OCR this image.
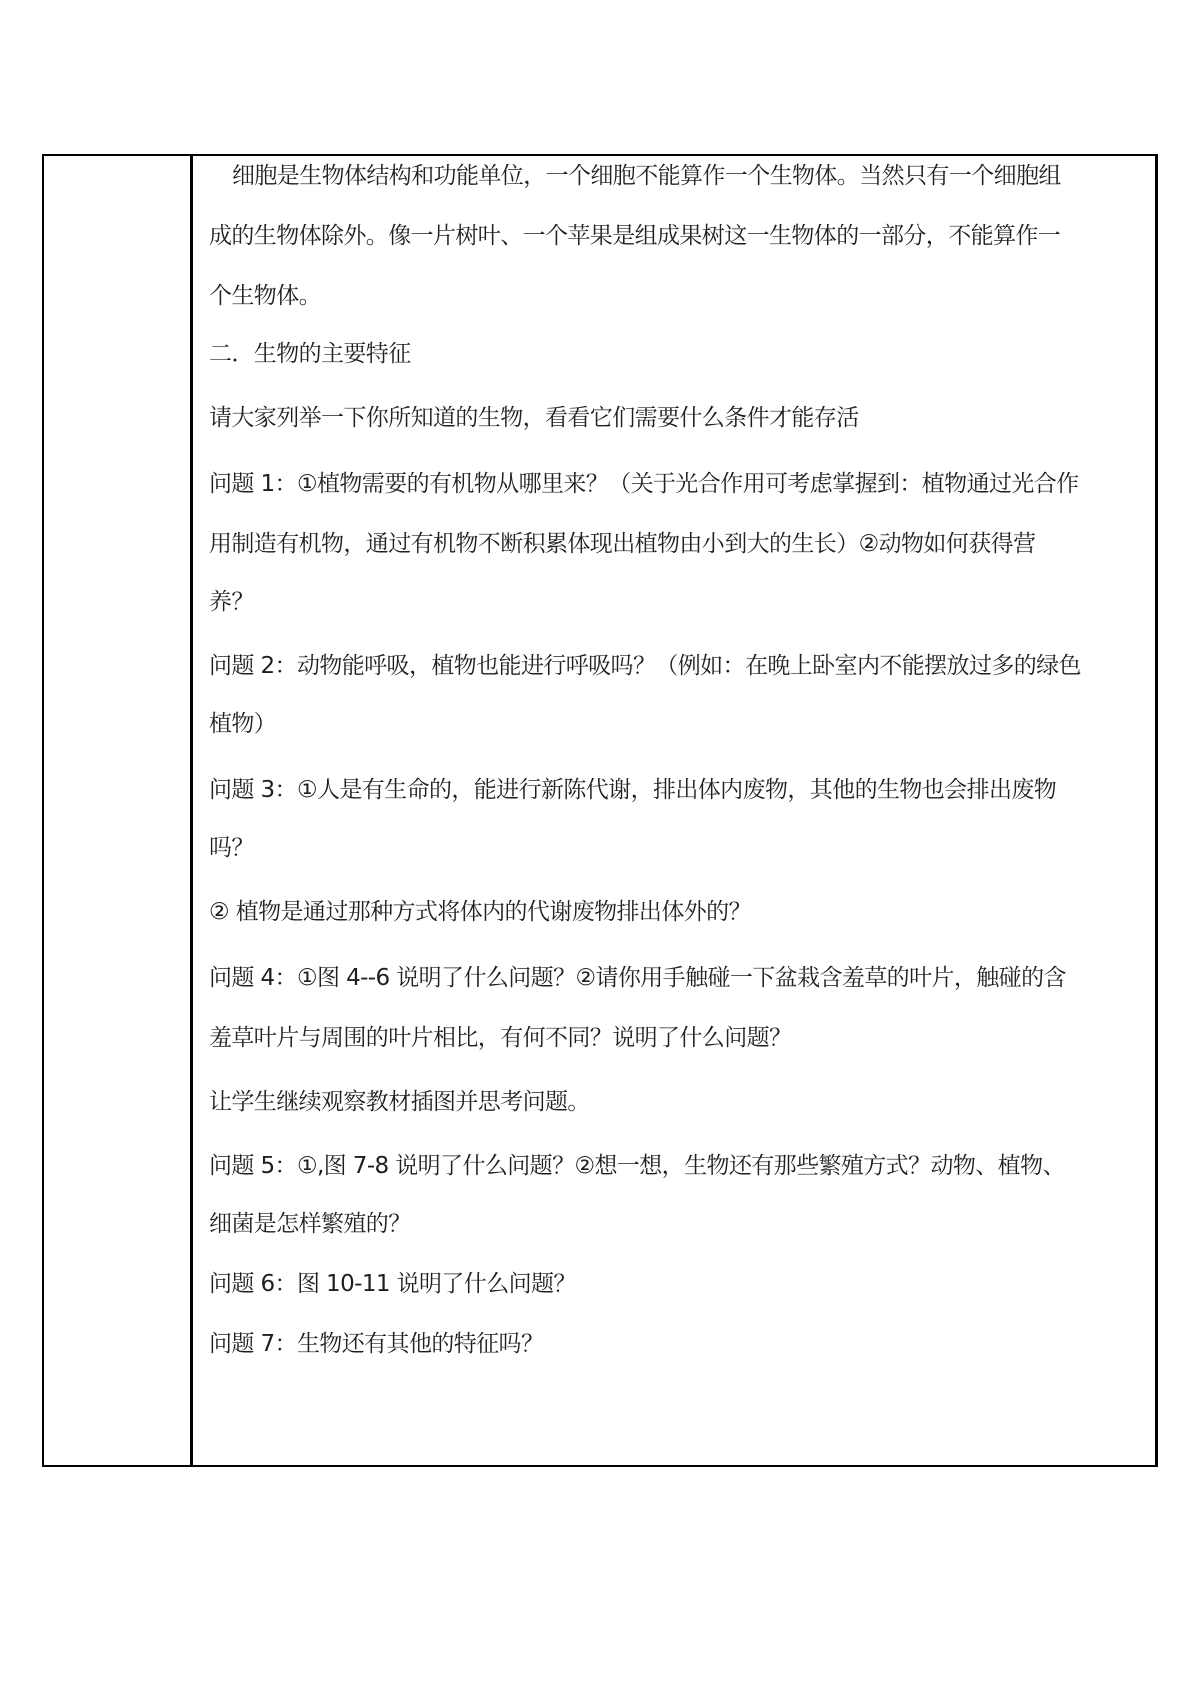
细胞是生物体结构和功能单位，一个细胞不能算作一个生物体。当然只有一个细胞组
成的生物体除外。像一片树叶、一个苹果是组成果树这一生物体的一部分，不能算作一
个生物体。
二．生物的主要特征
请大家列举一下你所知道的生物，看看它们需要什么条件才能存活
问题 1：①植物需要的有机物从哪里来？（关于光合作用可考虑掌握到：植物通过光合作
用制造有机物，通过有机物不断积累体现出植物由小到大的生长）②动物如何获得营
养？
问题 2：动物能呼吸，植物也能进行呼吸吗？（例如：在晚上卧室内不能摆放过多的绿色
植物）
问题 3：①人是有生命的，能进行新陈代谢，排出体内废物，其他的生物也会排出废物
吗？
② 植物是通过那种方式将体内的代谢废物排出体外的？
问题 4：①图 4--6 说明了什么问题？②请你用手触碰一下盆栽含羞草的叶片，触碰的含
羞草叶片与周围的叶片相比，有何不同？说明了什么问题？
让学生继续观察教材插图并思考问题。
问题 5：①,图 7-8 说明了什么问题？②想一想，生物还有那些繁殖方式？动物、植物、
细菌是怎样繁殖的？
问题 6：图 10-11 说明了什么问题？
问题 7：生物还有其他的特征吗？
